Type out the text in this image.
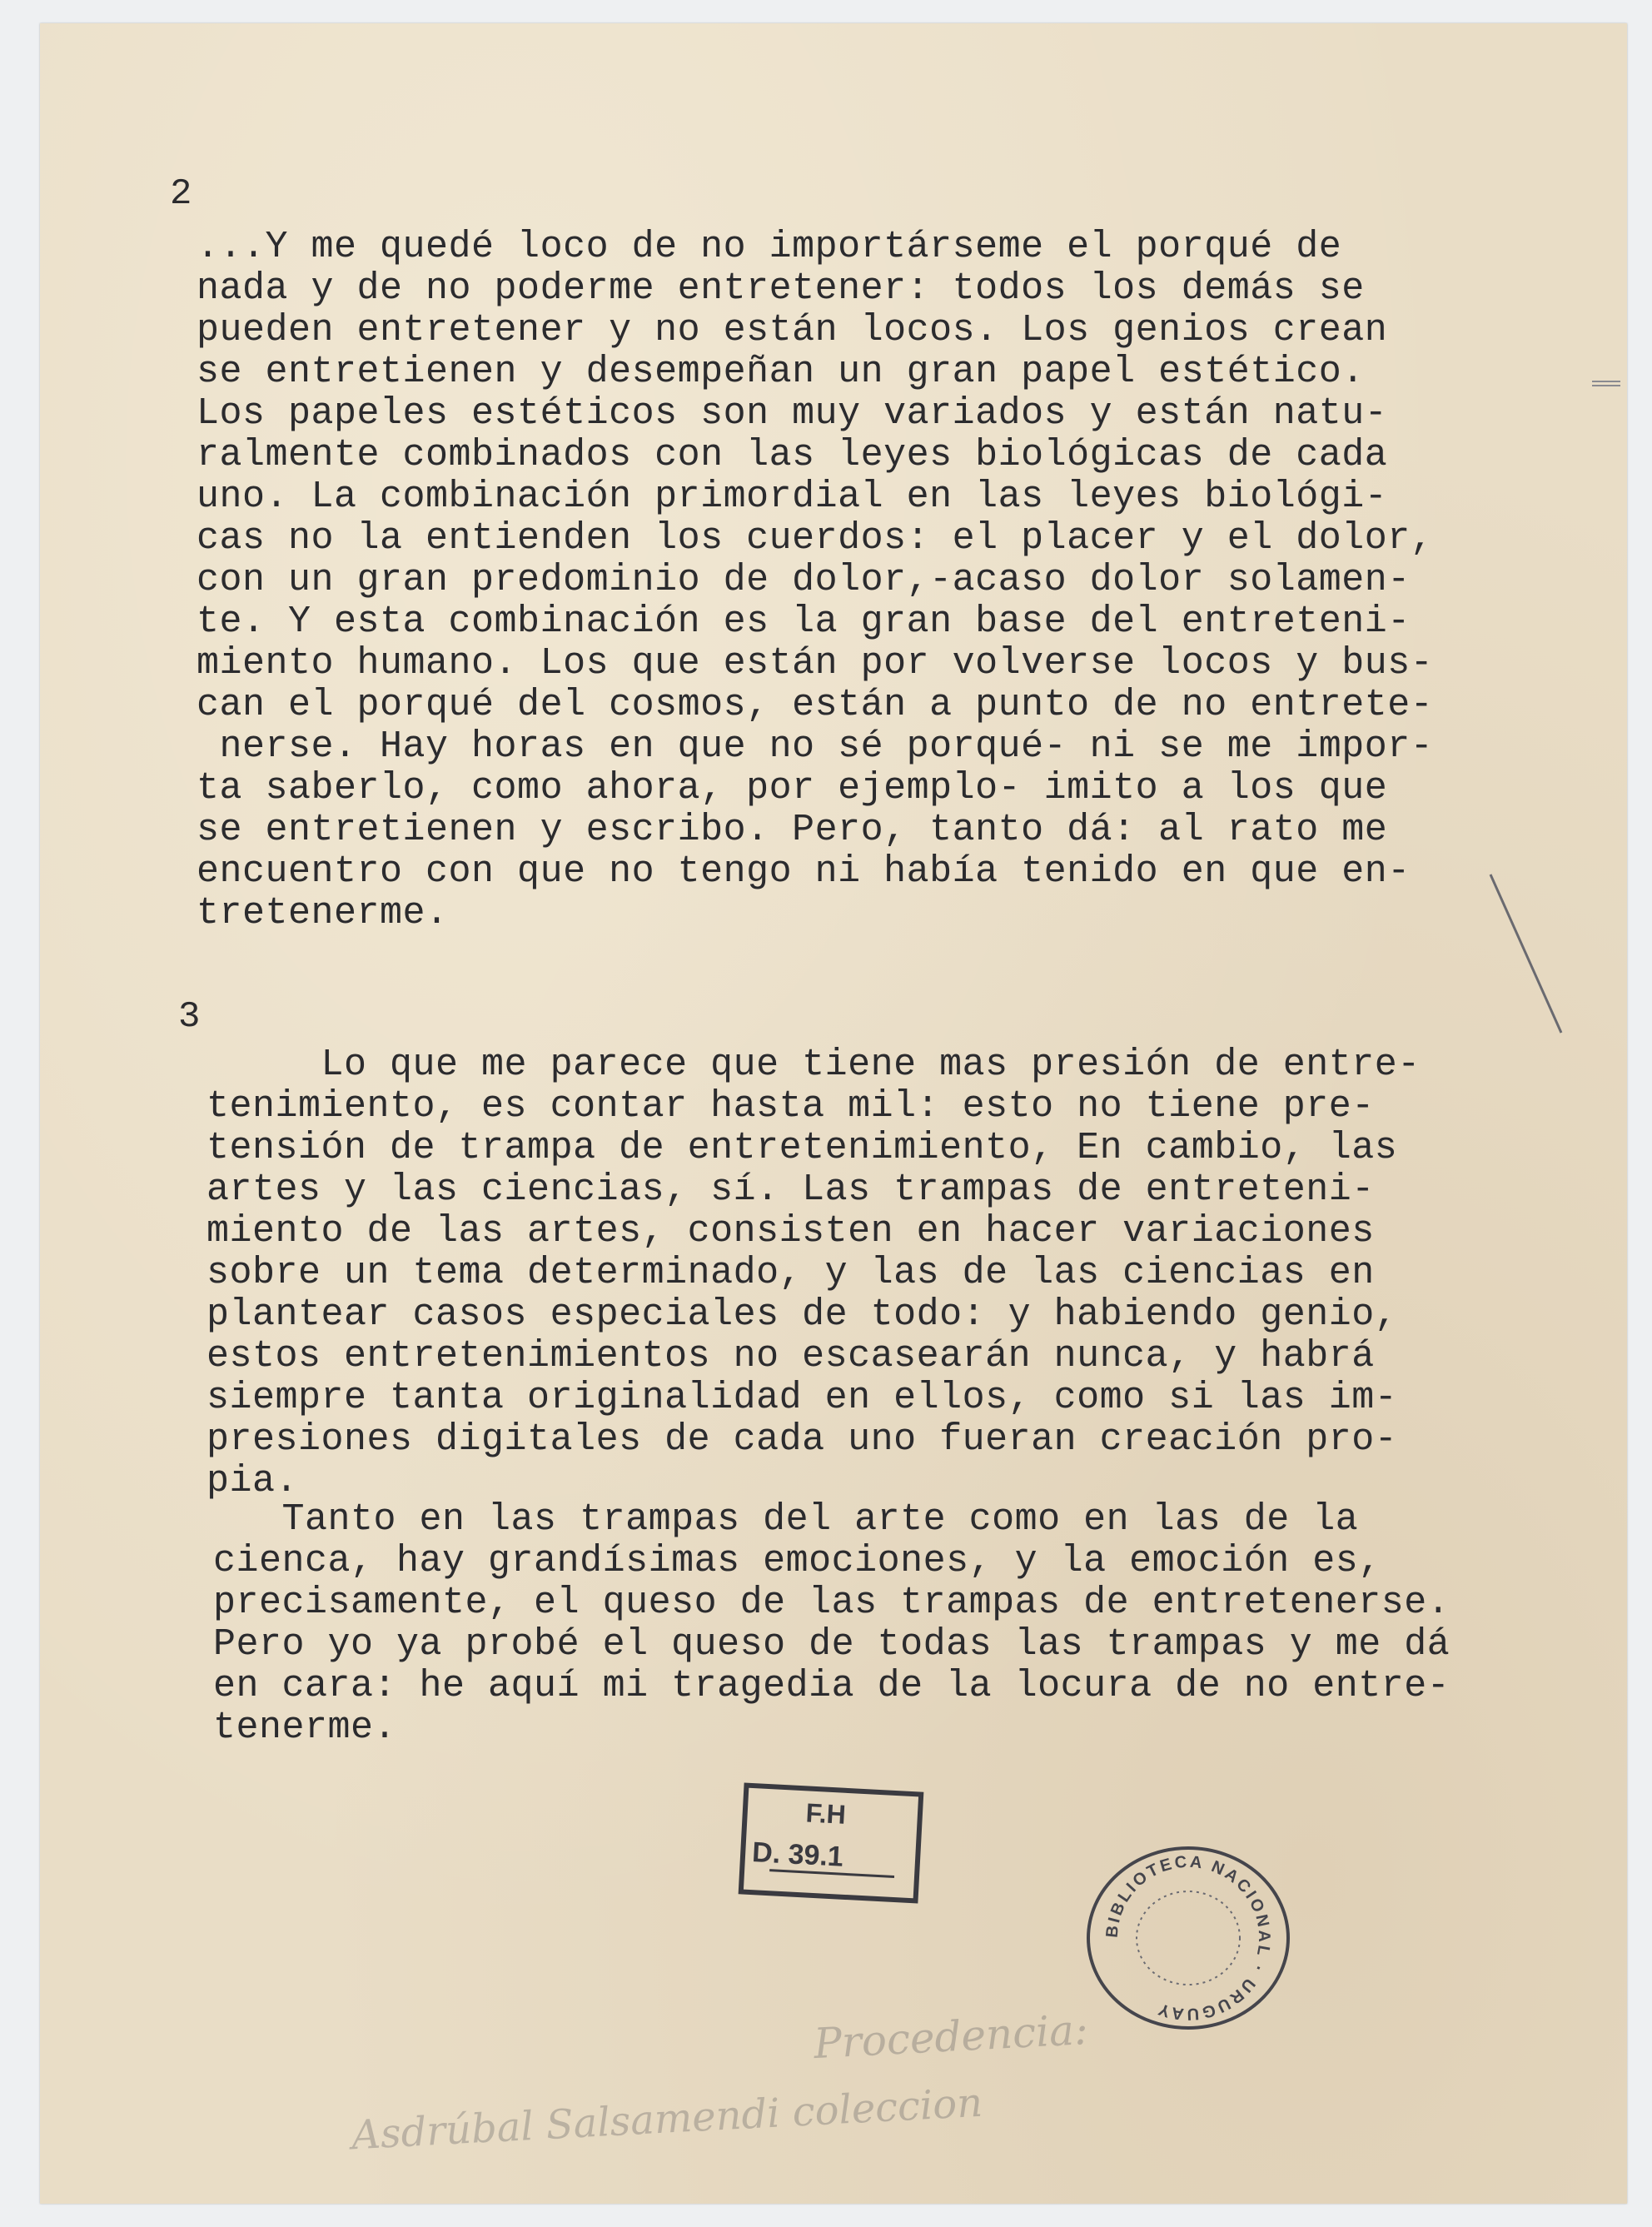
2
...Y me quedé loco de no importárseme el porqué de
nada y de no poderme entretener: todos los demás se
pueden entretener y no están locos. Los genios crean
se entretienen y desempeñan un gran papel estético.
Los papeles estéticos son muy variados y están natu-
ralmente combinados con las leyes biológicas de cada
uno. La combinación primordial en las leyes biológi-
cas no la entienden los cuerdos: el placer y el dolor,
con un gran predominio de dolor,-acaso dolor solamen-
te. Y esta combinación es la gran base del entreteni-
miento humano. Los que están por volverse locos y bus-
can el porqué del cosmos, están a punto de no entrete-
nerse. Hay horas en que no sé porqué- ni se me impor-
ta saberlo, como ahora, por ejemplo- imito a los que
se entretienen y escribo. Pero, tanto dá: al rato me
encuentro con que no tengo ni había tenido en que en-
tretenerme.
3
Lo que me parece que tiene mas presión de entre-
tenimiento, es contar hasta mil: esto no tiene pre-
tensión de trampa de entretenimiento, En cambio, las
artes y las ciencias, sí. Las trampas de entreteni-
miento de las artes, consisten en hacer variaciones
sobre un tema determinado, y las de las ciencias en
plantear casos especiales de todo: y habiendo genio,
estos entretenimientos no escasearán nunca, y habrá
siempre tanta originalidad en ellos, como si las im-
presiones digitales de cada uno fueran creación pro-
pia.
Tanto en las trampas del arte como en las de la
cienca, hay grandísimas emociones, y la emoción es,
precisamente, el queso de las trampas de entretenerse.
Pero yo ya probé el queso de todas las trampas y me dá
en cara: he aquí mi tragedia de la locura de no entre-
tenerme.
F.H
D. 39.1
BIBLIOTECA NACIONAL · URUGUAY
Procedencia:
Asdrúbal Salsamendi coleccion
